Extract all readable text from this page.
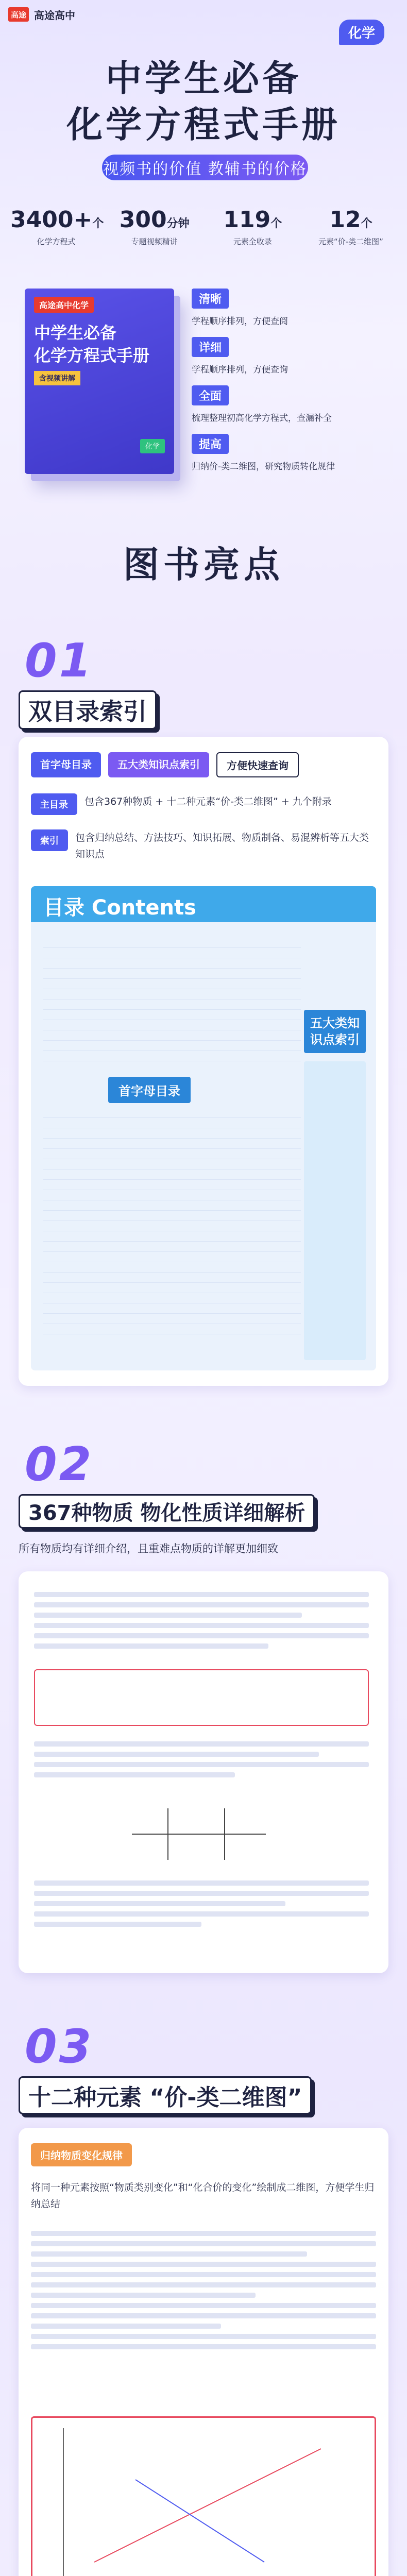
高途 高途高中
化学
中学生必备
化学方程式手册
视频书的价值 教辅书的价格
3400+个
化学方程式
300分钟
专题视频精讲
119个
元素全收录
12个
元素“价-类二维图”
高途高中化学
中学生必备
化学方程式手册
含视频讲解
化学
清晰
学程顺序排列，方便查阅
详细
学程顺序排列，方便查询
全面
梳理整理初高化学方程式，查漏补全
提高
归纳价-类二维图，研究物质转化规律
图书亮点
01
双目录索引
首字母目录	五大类知识点索引	方便快速查询
主目录	包含367种物质 + 十二种元素“价-类二维图” + 九个附录
索引	包含归纳总结、方法技巧、知识拓展、物质制备、易混辨析等五大类知识点
目录 Contents
首字母目录
五大类知识点索引
02
367种物质 物化性质详细解析
所有物质均有详细介绍，且重难点物质的详解更加细致
03
十二种元素 “价-类二维图”
归纳物质变化规律
将同一种元素按照“物质类别变化”和“化合价的变化”绘制成二维图，方便学生归纳总结
